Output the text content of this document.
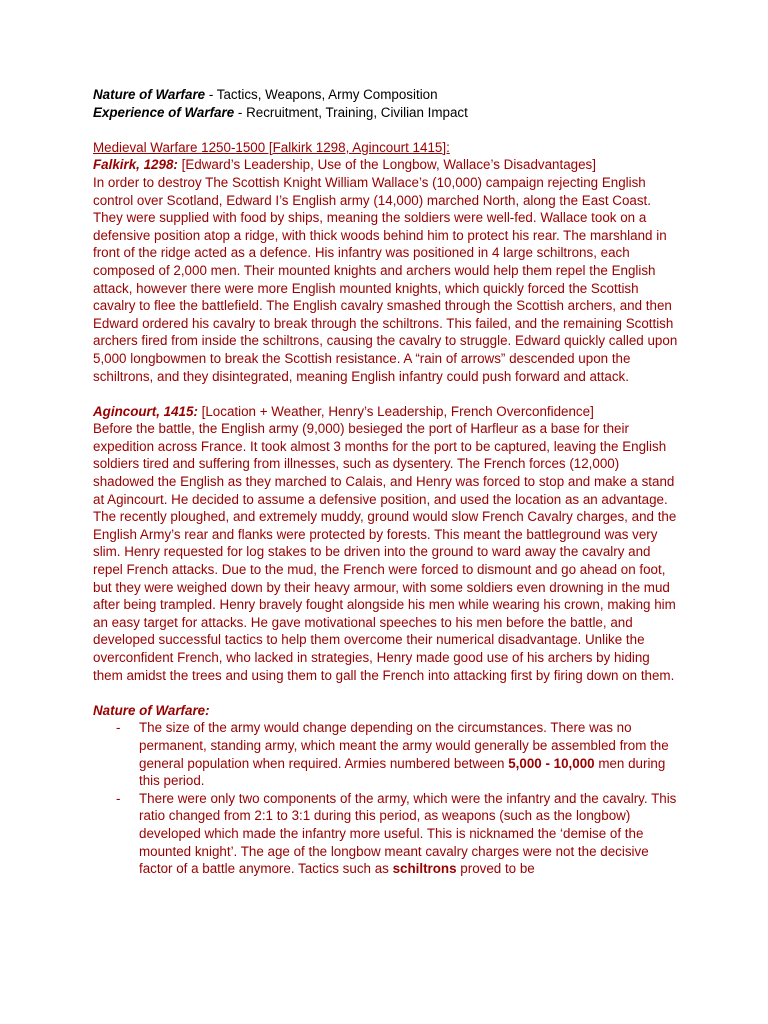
Nature of Warfare - Tactics, Weapons, Army Composition

Experience of Warfare - Recruitment, Training, Civilian Impact

Medieval Warfare 1250-1500 [Falkirk 1298, Agincourt 1415]:

Falkirk, 1298: [Edward’s Leadership, Use of the Longbow, Wallace’s Disadvantages]

In order to destroy The Scottish Knight William Wallace’s (10,000) campaign rejecting English control over Scotland, Edward I’s English army (14,000) marched North, along the East Coast. They were supplied with food by ships, meaning the soldiers were well-fed. Wallace took on a defensive position atop a ridge, with thick woods behind him to protect his rear. The marshland in front of the ridge acted as a defence. His infantry was positioned in 4 large schiltrons, each composed of 2,000 men. Their mounted knights and archers would help them repel the English attack, however there were more English mounted knights, which quickly forced the Scottish cavalry to flee the battlefield. The English cavalry smashed through the Scottish archers, and then Edward ordered his cavalry to break through the schiltrons. This failed, and the remaining Scottish archers fired from inside the schiltrons, causing the cavalry to struggle. Edward quickly called upon 5,000 longbowmen to break the Scottish resistance. A “rain of arrows” descended upon the schiltrons, and they disintegrated, meaning English infantry could push forward and attack.

Agincourt, 1415: [Location + Weather, Henry’s Leadership, French Overconfidence]

Before the battle, the English army (9,000) besieged the port of Harfleur as a base for their expedition across France. It took almost 3 months for the port to be captured, leaving the English soldiers tired and suffering from illnesses, such as dysentery. The French forces (12,000) shadowed the English as they marched to Calais, and Henry was forced to stop and make a stand at Agincourt. He decided to assume a defensive position, and used the location as an advantage. The recently ploughed, and extremely muddy, ground would slow French Cavalry charges, and the English Army’s rear and flanks were protected by forests. This meant the battleground was very slim. Henry requested for log stakes to be driven into the ground to ward away the cavalry and repel French attacks. Due to the mud, the French were forced to dismount and go ahead on foot, but they were weighed down by their heavy armour, with some soldiers even drowning in the mud after being trampled. Henry bravely fought alongside his men while wearing his crown, making him an easy target for attacks. He gave motivational speeches to his men before the battle, and developed successful tactics to help them overcome their numerical disadvantage. Unlike the overconfident French, who lacked in strategies, Henry made good use of his archers by hiding them amidst the trees and using them to gall the French into attacking first by firing down on them.

Nature of Warfare:

- The size of the army would change depending on the circumstances. There was no permanent, standing army, which meant the army would generally be assembled from the general population when required. Armies numbered between 5,000 - 10,000 men during this period.
- There were only two components of the army, which were the infantry and the cavalry. This ratio changed from 2:1 to 3:1 during this period, as weapons (such as the longbow) developed which made the infantry more useful. This is nicknamed the ‘demise of the mounted knight’. The age of the longbow meant cavalry charges were not the decisive factor of a battle anymore. Tactics such as schiltrons proved to be
